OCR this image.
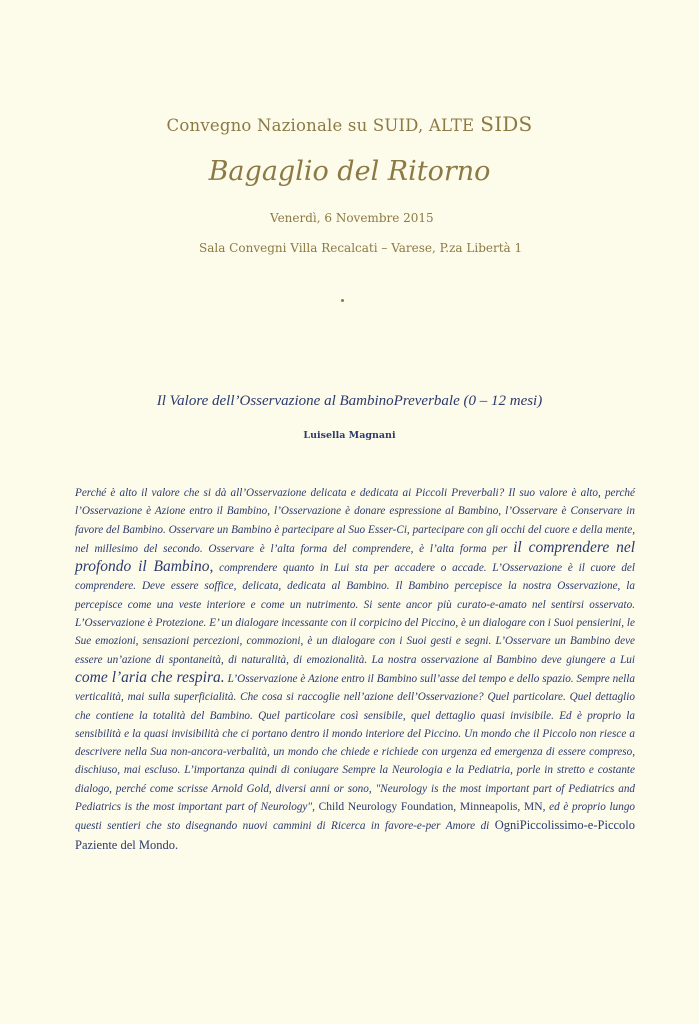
Convegno Nazionale su SUID, ALTE SIDS
Bagaglio del Ritorno
Venerdì, 6 Novembre 2015
Sala Convegni Villa Recalcati – Varese, P.za Libertà 1
Il Valore dell’Osservazione al BambinoPreverbale (0 – 12 mesi)
Luisella Magnani

Perché è alto il valore che si dà all’Osservazione delicata e dedicata ai Piccoli Preverbali? Il suo valore è alto, perché l’Osservazione è Azione entro il Bambino, l’Osservazione è donare espressione al Bambino, l’Osservare è Conservare in favore del Bambino. Osservare un Bambino è partecipare al Suo Esser-Ci, partecipare con gli occhi del cuore e della mente, nel millesimo del secondo. Osservare è l’alta forma del comprendere, è l’alta forma per il comprendere nel profondo il Bambino, comprendere quanto in Lui sta per accadere o accade. L’Osservazione è il cuore del comprendere. Deve essere soffice, delicata, dedicata al Bambino. Il Bambino percepisce la nostra Osservazione, la percepisce come una veste interiore e come un nutrimento. Si sente ancor più curato-e-amato nel sentirsi osservato. L’Osservazione è Protezione. E’ un dialogare incessante con il corpicino del Piccino, è un dialogare con i Suoi pensierini, le Sue emozioni, sensazioni percezioni, commozioni, è un dialogare con i Suoi gesti e segni. L’Osservare un Bambino deve essere un’azione di spontaneità, di naturalità, di emozionalità. La nostra osservazione al Bambino deve giungere a Lui come l’aria che respira. L’Osservazione è Azione entro il Bambino sull’asse del tempo e dello spazio. Sempre nella verticalità, mai sulla superficialità. Che cosa si raccoglie nell’azione dell’Osservazione? Quel particolare. Quel dettaglio che contiene la totalità del Bambino. Quel particolare così sensibile, quel dettaglio quasi invisibile. Ed è proprio la sensibilità e la quasi invisibilità che ci portano dentro il mondo interiore del Piccino. Un mondo che il Piccolo non riesce a descrivere nella Sua non-ancora-verbalità, un mondo che chiede e richiede con urgenza ed emergenza di essere compreso, dischiuso, mai escluso. L’importanza quindi di coniugare Sempre la Neurologia e la Pediatria, porle in stretto e costante dialogo, perché come scrisse Arnold Gold, diversi anni or sono, "Neurology is the most important part of Pediatrics and Pediatrics is the most important part of Neurology", Child Neurology Foundation, Minneapolis, MN, ed è proprio lungo questi sentieri che sto disegnando nuovi cammini di Ricerca in favore-e-per Amore di OgniPiccolissimo-e-Piccolo Paziente del Mondo.
